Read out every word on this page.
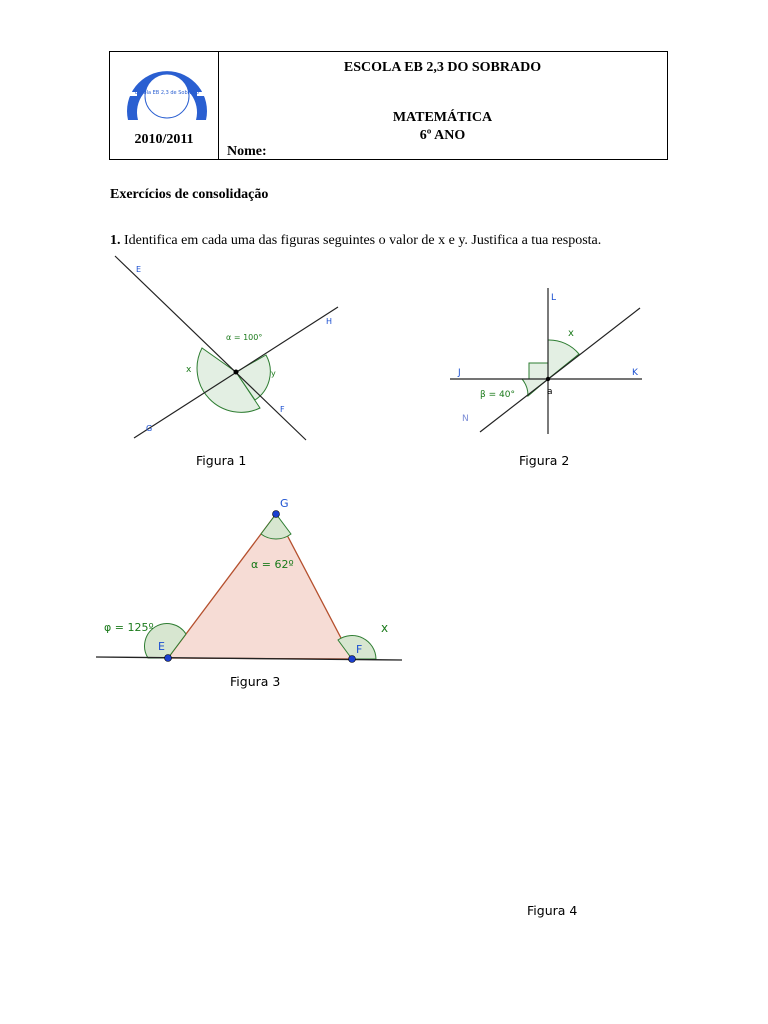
Escola EB 2,3 de Sobrado
2010/2011
ESCOLA EB 2,3 DO SOBRADO
MATEMÁTICA
6º ANO
Nome:
Exercícios de consolidação
1. Identifica em cada uma das figuras seguintes o valor de x e y. Justifica a tua resposta.
E
H
G
F
α = 100°
x	y
Figura 1
L
J	K
N
x
β = 40°	a
Figura 2
G
α = 62º
φ = 125º
E	F
x
Figura 3
Figura 4
